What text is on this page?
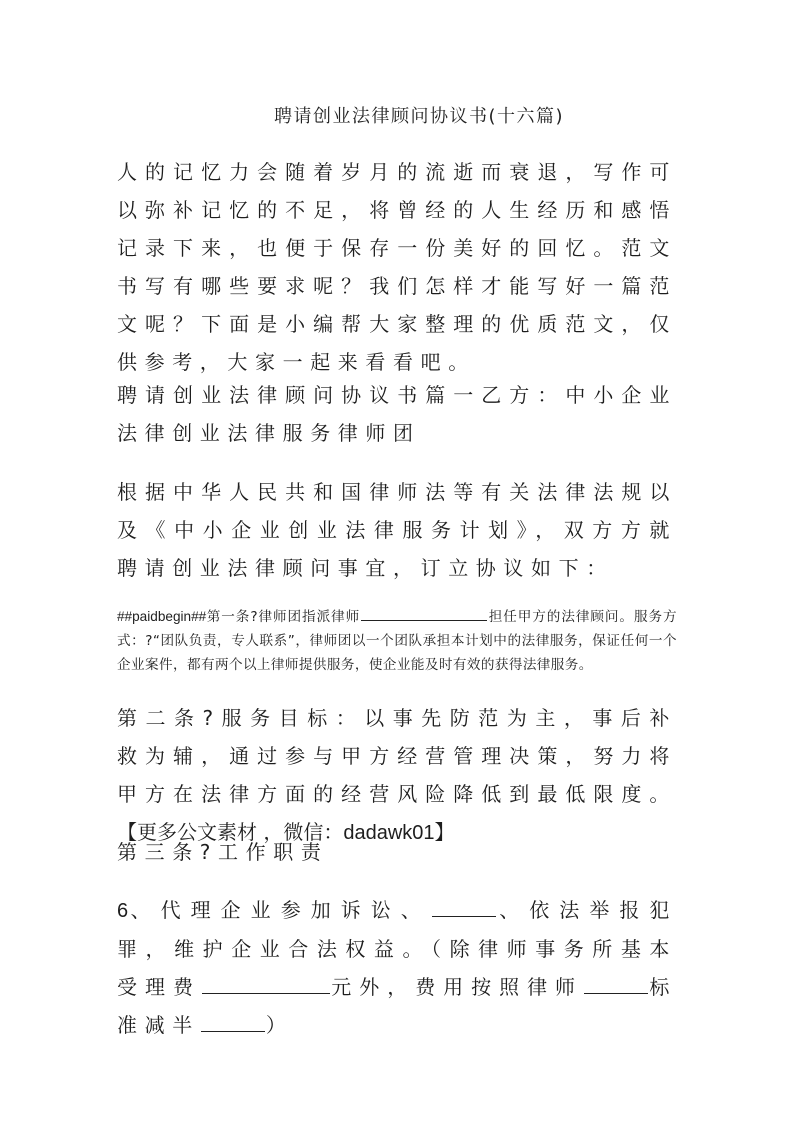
聘请创业法律顾问协议书(十六篇)

人的记忆力会随着岁月的流逝而衰退，写作可以弥补记忆的不足，将曾经的人生经历和感悟记录下来，也便于保存一份美好的回忆。范文书写有哪些要求呢？我们怎样才能写好一篇范文呢？下面是小编帮大家整理的优质范文，仅供参考，大家一起来看看吧。

聘请创业法律顾问协议书篇一乙方：中小企业法律创业法律服务律师团

根据中华人民共和国律师法等有关法律法规以及《中小企业创业法律服务计划》，双方方就聘请创业法律顾问事宜，订立协议如下：

##paidbegin##第一条?律师团指派律师	担任甲方的法律顾问。服务方式：?“团队负责，专人联系”，律师团以一个团队承担本计划中的法律服务，保证任何一个企业案件，都有两个以上律师提供服务，使企业能及时有效的获得法律服务。

第二条?服务目标：以事先防范为主，事后补救为辅，通过参与甲方经营管理决策，努力将甲方在法律方面的经营风险降低到最低限度。【更多公文素材 ，微信：dadawk01】

第三条?工作职责

6、代理企业参加诉讼、	、依法举报犯罪，维护企业合法权益。（除律师事务所基本受理费	元外，费用按照律师	标准减半	）
